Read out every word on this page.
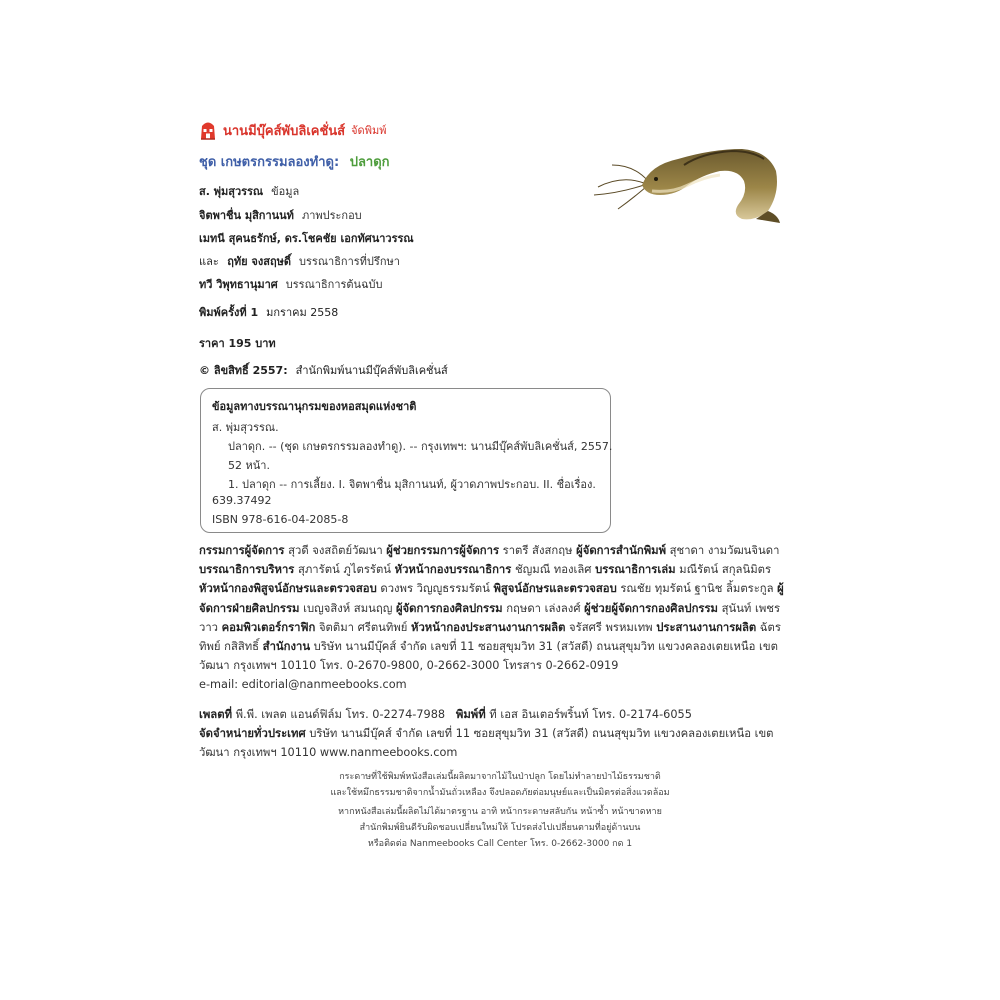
นานมีบุ๊คส์พับลิเคชั่นส์ จัดพิมพ์
ชุด เกษตรกรรมลองทำดู: ปลาดุก
ส. พุ่มสุวรรณ ข้อมูล
จิตพาชื่น มุสิกานนท์ ภาพประกอบ
เมทนี สุคนธรักษ์, ดร.โชคชัย เอกทัศนาวรรณ
และ ฤทัย จงสฤษดิ์ บรรณาธิการที่ปรึกษา
ทวี วิพุทธานุมาศ บรรณาธิการต้นฉบับ
พิมพ์ครั้งที่ 1 มกราคม 2558
ราคา 195 บาท
© ลิขสิทธิ์ 2557: สำนักพิมพ์นานมีบุ๊คส์พับลิเคชั่นส์
ข้อมูลทางบรรณานุกรมของหอสมุดแห่งชาติ
ส. พุ่มสุวรรณ.
ปลาดุก. -- (ชุด เกษตรกรรมลองทำดู). -- กรุงเทพฯ: นานมีบุ๊คส์พับลิเคชั่นส์, 2557.
52 หน้า.
1. ปลาดุก -- การเลี้ยง. I. จิตพาชื่น มุสิกานนท์, ผู้วาดภาพประกอบ. II. ชื่อเรื่อง.
639.37492
ISBN 978-616-04-2085-8
กรรมการผู้จัดการ สุวดี จงสถิตย์วัฒนา ผู้ช่วยกรรมการผู้จัดการ ราตรี สังสกฤษ ผู้จัดการสำนักพิมพ์ สุชาดา งามวัฒนจินดา บรรณาธิการบริหาร สุภารัตน์ ภูไตรรัตน์ หัวหน้ากองบรรณาธิการ ชัญมณี ทองเลิศ บรรณาธิการเล่ม มณีรัตน์ สกุลนิมิตร หัวหน้ากองพิสูจน์อักษรและตรวจสอบ ดวงพร วิญญูธรรมรัตน์ พิสูจน์อักษรและตรวจสอบ รณชัย ทุมรัตน์ ฐานิช ลิ้มตระกูล ผู้จัดการฝ่ายศิลปกรรม เบญจสิงห์ สมนฤญ ผู้จัดการกองศิลปกรรม กฤษดา เล่งลงศ์ ผู้ช่วยผู้จัดการกองศิลปกรรม สุนันท์ เพชรวาว คอมพิวเตอร์กราฟิก จิตติมา ศรีตนทิพย์ หัวหน้ากองประสานงานการผลิต จรัสศรี พรหมเทพ ประสานงานการผลิต ฉัตรทิพย์ กสิสิทธิ์ สำนักงาน บริษัท นานมีบุ๊คส์ จำกัด เลขที่ 11 ซอยสุขุมวิท 31 (สวัสดี) ถนนสุขุมวิท แขวงคลองเตยเหนือ เขตวัฒนา กรุงเทพฯ 10110 โทร. 0-2670-9800, 0-2662-3000 โทรสาร 0-2662-0919
e-mail: editorial@nanmeebooks.com
เพลตที่ พี.พี. เพลต แอนด์ฟิล์ม โทร. 0-2274-7988 พิมพ์ที่ ที เอส อินเตอร์พริ้นท์ โทร. 0-2174-6055
จัดจำหน่ายทั่วประเทศ บริษัท นานมีบุ๊คส์ จำกัด เลขที่ 11 ซอยสุขุมวิท 31 (สวัสดี) ถนนสุขุมวิท แขวงคลองเตยเหนือ เขตวัฒนา กรุงเทพฯ 10110 www.nanmeebooks.com
กระดาษที่ใช้พิมพ์หนังสือเล่มนี้ผลิตมาจากไม้ในป่าปลูก โดยไม่ทำลายป่าไม้ธรรมชาติ
และใช้หมึกธรรมชาติจากน้ำมันถั่วเหลือง จึงปลอดภัยต่อมนุษย์และเป็นมิตรต่อสิ่งแวดล้อม
หากหนังสือเล่มนี้ผลิตไม่ได้มาตรฐาน อาทิ หน้ากระดาษสลับกัน หน้าซ้ำ หน้าขาดหาย
สำนักพิมพ์ยินดีรับผิดชอบเปลี่ยนใหม่ให้ โปรดส่งไปเปลี่ยนตามที่อยู่ด้านบน
หรือติดต่อ Nanmeebooks Call Center โทร. 0-2662-3000 กด 1
